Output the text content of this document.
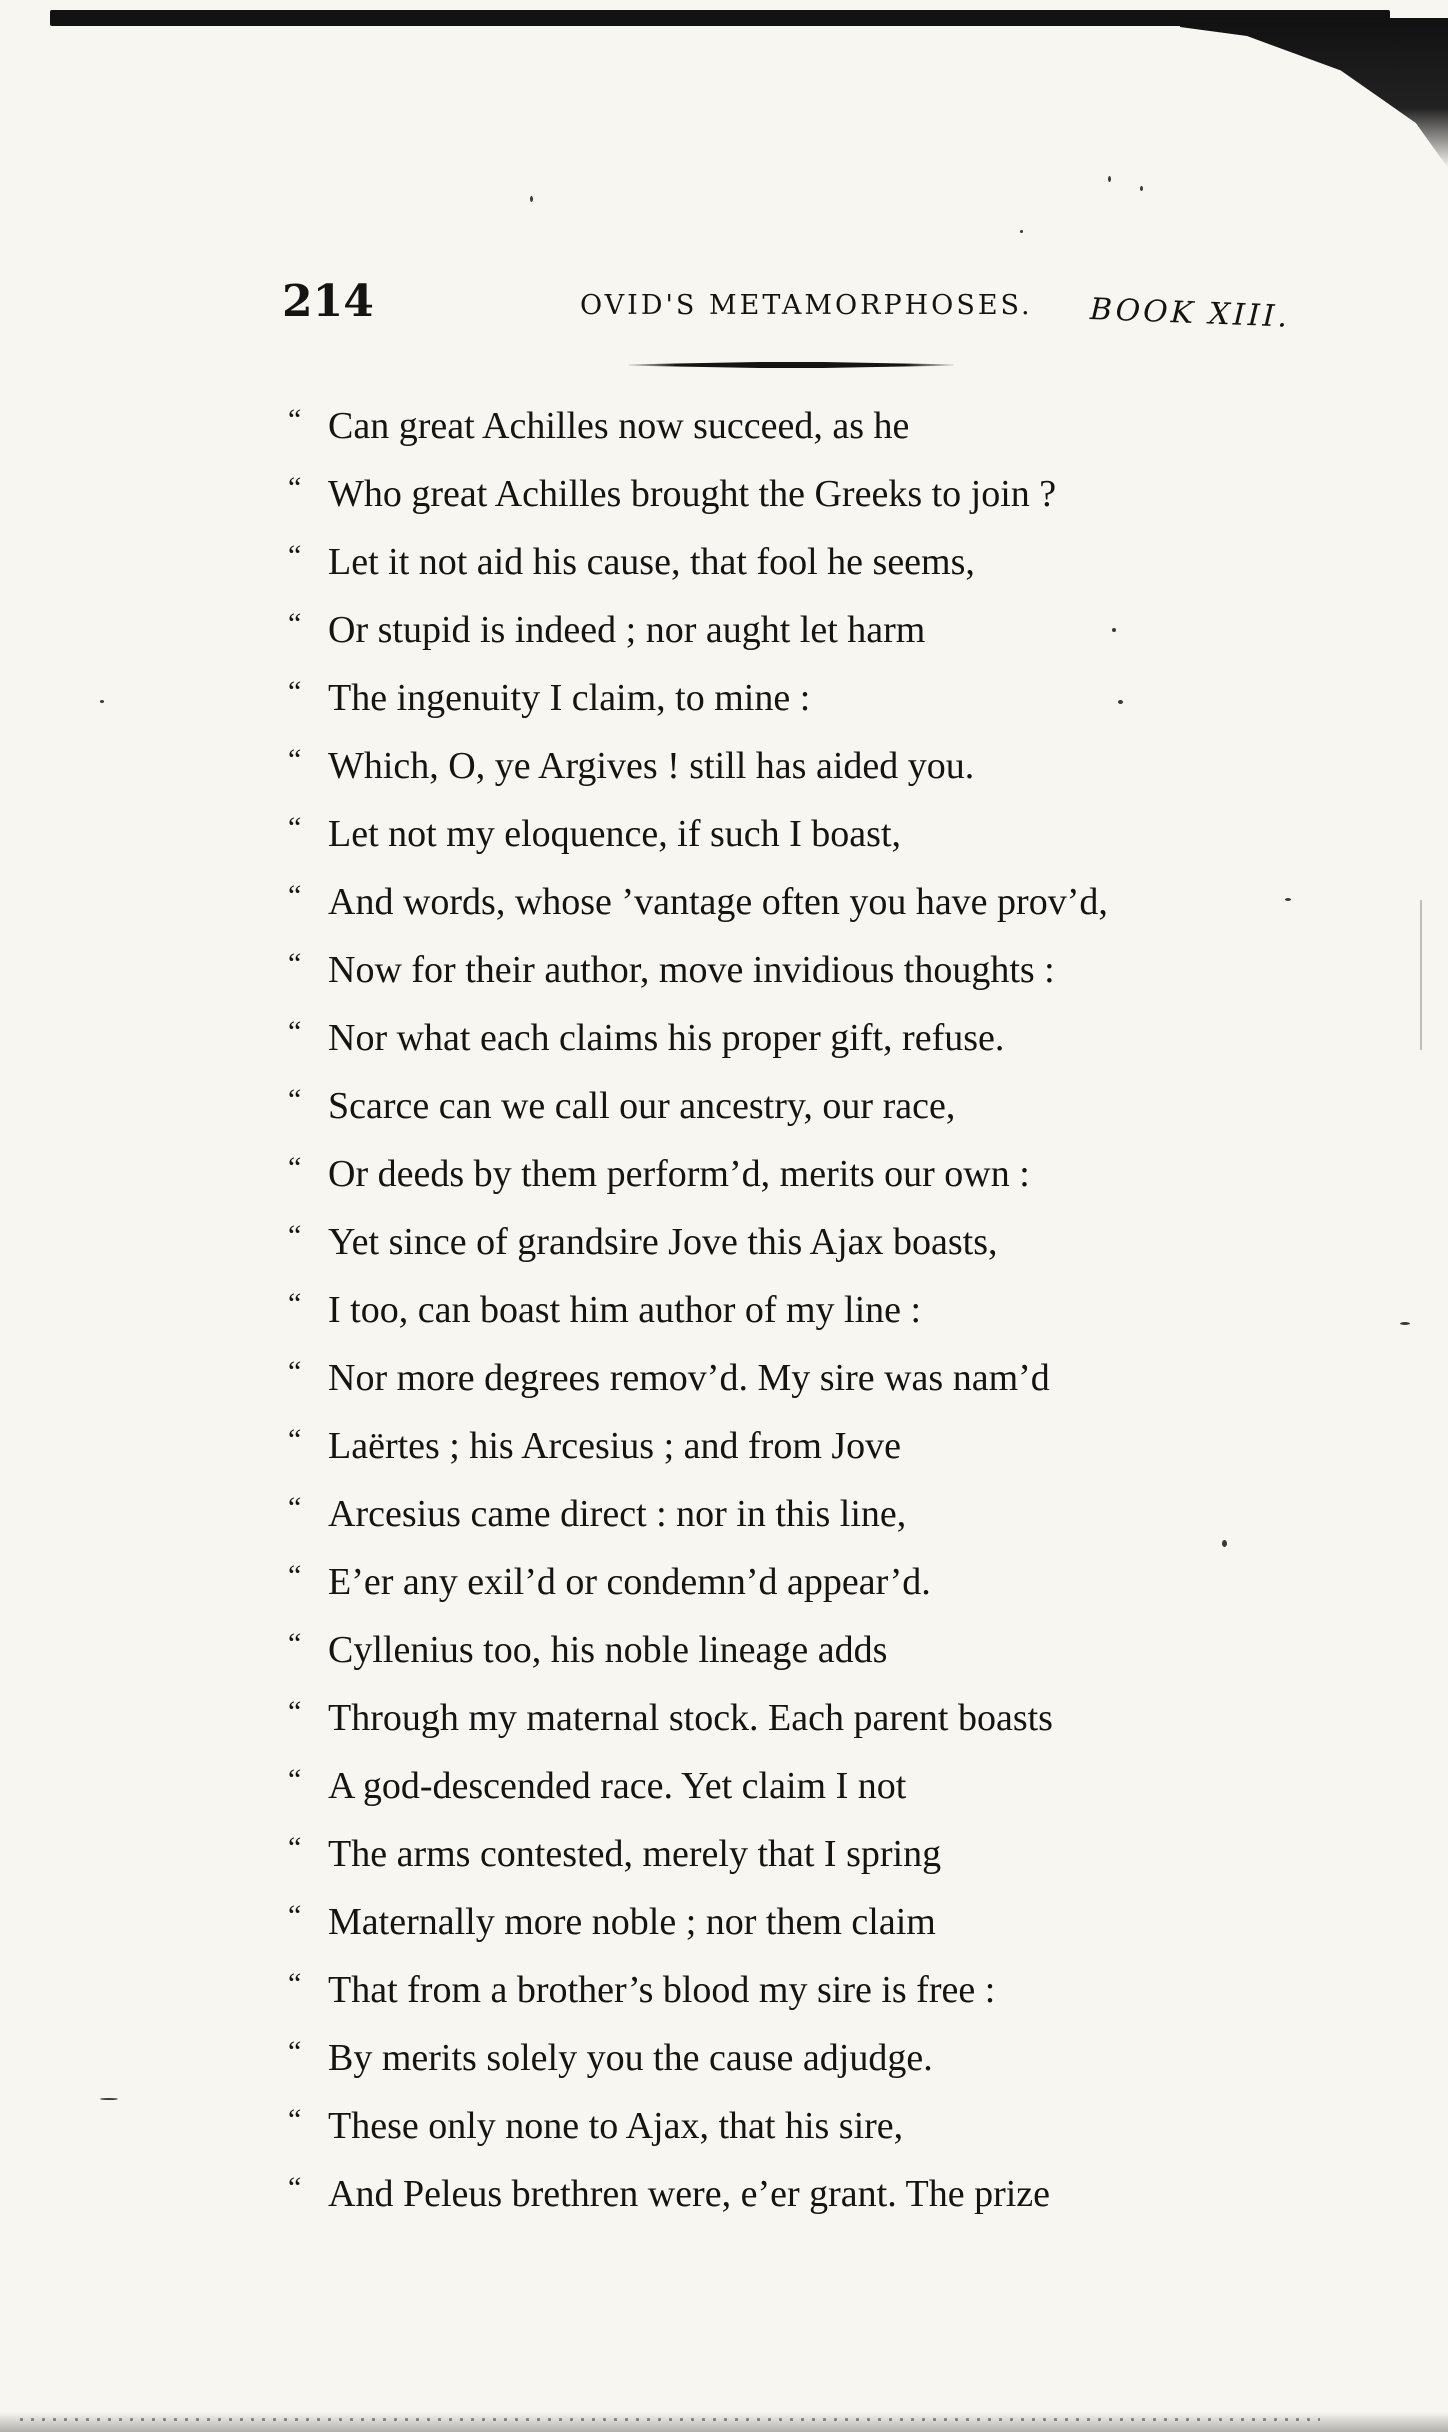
214	OVID'S METAMORPHOSES. BOOK XIII.
“ Can great Achilles now succeed, as he
“ Who great Achilles brought the Greeks to join ?
“ Let it not aid his cause, that fool he seems,
“ Or stupid is indeed ; nor aught let harm
“ The ingenuity I claim, to mine :
“ Which, O, ye Argives ! still has aided you.
“ Let not my eloquence, if such I boast,
“ And words, whose ’vantage often you have prov’d,
“ Now for their author, move invidious thoughts :
“ Nor what each claims his proper gift, refuse.
“ Scarce can we call our ancestry, our race,
“ Or deeds by them perform’d, merits our own :
“ Yet since of grandsire Jove this Ajax boasts,
“ I too, can boast him author of my line :
“ Nor more degrees remov’d. My sire was nam’d
“ Laërtes ; his Arcesius ; and from Jove
“ Arcesius came direct : nor in this line,
“ E’er any exil’d or condemn’d appear’d.
“ Cyllenius too, his noble lineage adds
“ Through my maternal stock. Each parent boasts
“ A god-descended race. Yet claim I not
“ The arms contested, merely that I spring
“ Maternally more noble ; nor them claim
“ That from a brother’s blood my sire is free :
“ By merits solely you the cause adjudge.
“ These only none to Ajax, that his sire,
“ And Peleus brethren were, e’er grant. The prize
